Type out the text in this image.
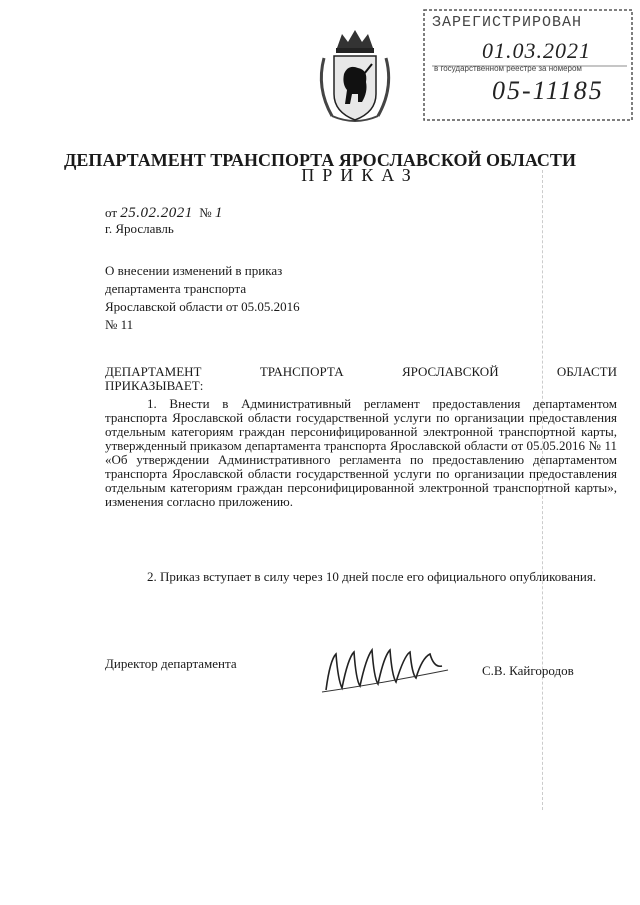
ЗАРЕГИСТРИРОВАН
01.03.2021
в государственном реестре за номером
05-11185
ДЕПАРТАМЕНТ ТРАНСПОРТА ЯРОСЛАВСКОЙ ОБЛАСТИ
ПРИКАЗ
от 25.02.2021 № 1
г. Ярославль
О внесении изменений в приказ
департамента транспорта
Ярославской области от 05.05.2016
№ 11
ДЕПАРТАМЕНТ	ТРАНСПОРТА	ЯРОСЛАВСКОЙ	ОБЛАСТИ
ПРИКАЗЫВАЕТ:
1. Внести в Административный регламент предоставления департаментом транспорта Ярославской области государственной услуги по организации предоставления отдельным категориям граждан персонифицированной электронной транспортной карты, утвержденный приказом департамента транспорта Ярославской области от 05.05.2016 № 11 «Об утверждении Административного регламента по предоставлению департаментом транспорта Ярославской области государственной услуги по организации предоставления отдельным категориям граждан персонифицированной электронной транспортной карты», изменения согласно приложению.
2. Приказ вступает в силу через 10 дней после его официального опубликования.
Директор департамента	С.В. Кайгородов
